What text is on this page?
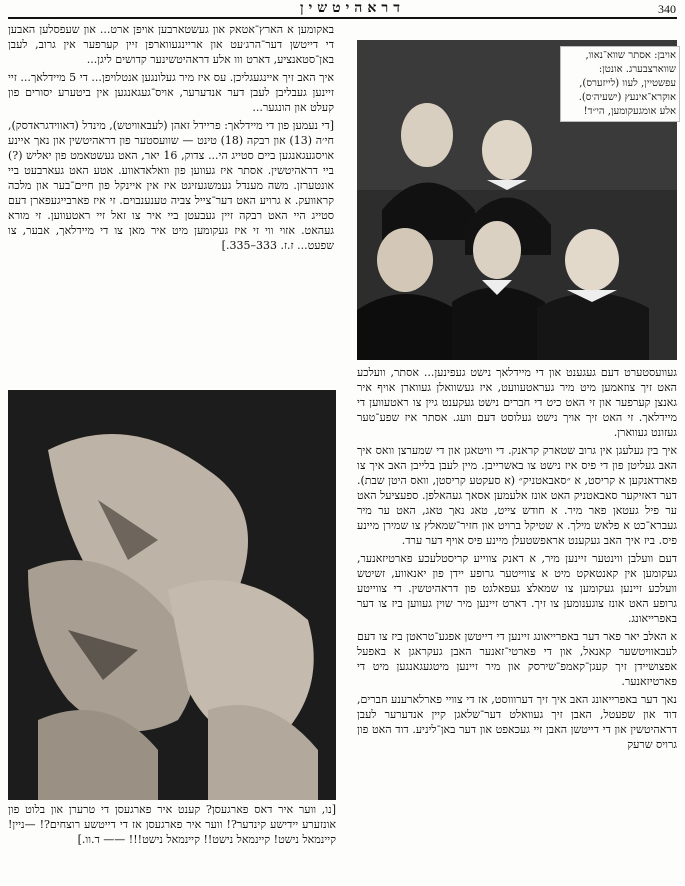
340
דראהיטשין

באקומען א הארץ־אטאק און געשטארבען אויפן ארט... און שעפסלען האבען די דייטשן דער־הרג׳עט און אריינגעווארפן זיין קערפער אין גרוב, לעבן באן־סטאנציע, דארט ווו אלע דראהיטשינער קדושים ליגן...

איך האב זיך איינגעגליכן. עס איז מיר געלונגען אנטלויפן... די 5 מיידלאך... זיי זיינען געבליבן לעבן דער אנדערער, אויס־געגאנגען אין ביטערע יסורים פון קעלט און הונגער...

[די נעמען פון די מיידלאך: פריידל זאהן (לעבאוויטש), מינדל (דאווידגראדסק), חי׳ה (13) און רבקה (18) טינט — שוועסטער פון דראהיטשין און נאך איינע אויסגעגאנגען ביים סטייג הי... צדוק, 16 יאר, האט געשטאמט פון יאליש (?) ביי דראהיטשין. אסתר איז געווען פון וואלאדאווע. אטע האט געארבעט ביי אונטערזן. משה מענדל געמשגעזיגט איז אין איינקל פון חיים־בער און מלכה קראוועק. א גרויע האט דער־צייל צביה טענענבוים. זי איז פארבייגעפארן דעם סטייג היי האט רבקה זיין געבעטן ביי איר צו זאל זיי ראטעווען. זי מורא געהאט. אזוי ווי זי איז געקומען מיט איר מאן צו די מיידלאך, אבער, צו שפעט... ז.ז. 333–335.]

אויבן: אסתר שווא־נאוו, שווארצבערג. אונטן: עפשטיין, לעוו (לייזערס), אוקרא־אינעץ (ישעיה׳ס). אלע אומגעקומען, הי״ד!

געוועסטערט דעם געגענט און די מיידלאך נישט געפינען... אסתר, וועלכע האט זיך צוזאמען מיט מיר געראטעוועט, איז געשוואלן געווארן אויף איר גאנצן קערפער און זי האט כיט די חברים נישט געקענט גיין צו ראטעווען די מיידלאך. זי האט זיך אויך נישט געלוסט דעם וועג. אסתר איז שפע־טער געזונט געווארן.

איך בין געלעגן אין גרוב שטארק קראנק. די וויטאגן און די שמערצן וואס איך האב געליטן פון די פיס איז נישט צו באשרייבן. מיין לעבן בלייבן האב איך צו פארדאנקען א קריסט, א ״סאבאטניק״ (א סעקטע קריסטן, וואס היטן שבת). דער דאזיקער סאבאטניק האט אונז אלעמען אסאך געהאלפן. ספעציעל האט ער פיל געטאן פאר מיר. א חודש צייט, טאג נאך טאג, האט ער מיר געברא־כט א פלאש מילך. א שטיקל ברויט און חזיר־שמאלץ צו שמירן מיינע פיס. ביז איך האב געקענט אראפשטעלן מיינע פיס אויף דער ערד.

דעם וועלבן ווינטער זיינען מיר, א דאנק צווייע קריסטלעכע פארטיזאנער, געקומען אין קאנטאקט מיט א צווייטער גרופע יידן פון יאנאווע, זשיטש וועלכע זיינען געקומען צו שמאלצ געפאלגט פון דראהיטשין. די צווייטע גרופע האט אונז צוגענומען צו זיך. דארט זיינען מיר שוין געווען ביז צו דער באפרייאונג.

א האלב יאר פאר דער באפרייאונג זיינען די דייטשן אפגע־טראטן ביז צו דעם לעבאוויטשער קאנאל, און די פארטי־זאנער האבן געקראגן א באפעל אפצושיידן זיך קעגן־קאמפ־שירסק און מיר זיינען מיטגעגאנגען מיט די פארטיזאנער.

נאך דער באפרייאונג האב איך זיך דערוווסט, אז די צוויי פארלארענע חברים, דוד און שפעטל, האבן זיך געוואלט דער־שלאגן קיין אנדערער לעבן דראהיטשין און די דייטשן האבן זיי געכאפט און דער באן־ליניע. דוד האט פון גרויס שרעק

[נו, ווער איר דאס פארגעסן? קענט איר פארגעסן די טרערן און בלוט פון אונזערע יידישע קינדער?! ווער איר פארגעסן אז די דייטשע רוצחים?! —ניין! קיינמאל נישט! קיינמאל נישט!! קיינמאל נישט!!! —— ד.וו.]
